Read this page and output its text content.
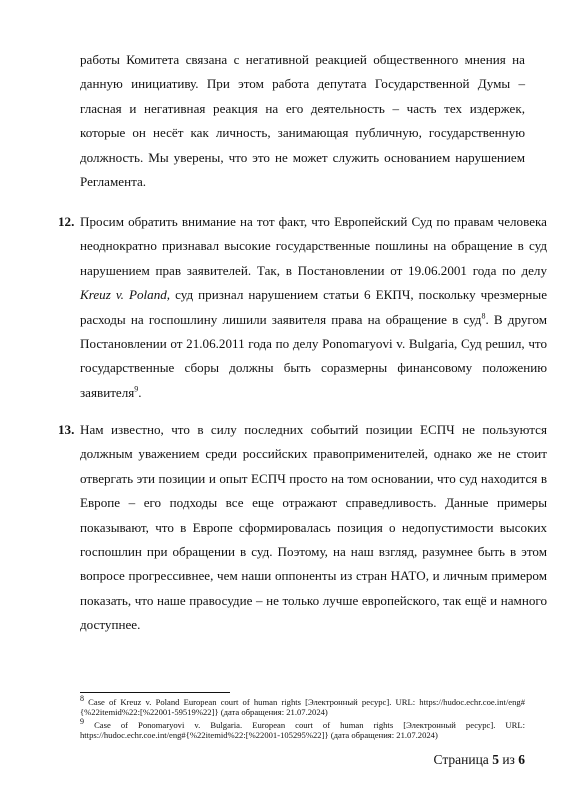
работы Комитета связана с негативной реакцией общественного мнения на данную инициативу. При этом работа депутата Государственной Думы – гласная и негативная реакция на его деятельность – часть тех издержек, которые он несёт как личность, занимающая публичную, государственную должность. Мы уверены, что это не может служить основанием нарушением Регламента.

12. Просим обратить внимание на тот факт, что Европейский Суд по правам человека неоднократно признавал высокие государственные пошлины на обращение в суд нарушением прав заявителей. Так, в Постановлении от 19.06.2001 года по делу Kreuz v. Poland, суд признал нарушением статьи 6 ЕКПЧ, поскольку чрезмерные расходы на госпошлину лишили заявителя права на обращение в суд$^8$. В другом Постановлении от 21.06.2011 года по делу Ponomaryovi v. Bulgaria, Суд решил, что государственные сборы должны быть соразмерны финансовому положению заявителя$^9$.

13. Нам известно, что в силу последних событий позиции ЕСПЧ не пользуются должным уважением среди российских правоприменителей, однако же не стоит отвергать эти позиции и опыт ЕСПЧ просто на том основании, что суд находится в Европе – его подходы все еще отражают справедливость. Данные примеры показывают, что в Европе сформировалась позиция о недопустимости высоких госпошлин при обращении в суд. Поэтому, на наш взгляд, разумнее быть в этом вопросе прогрессивнее, чем наши оппоненты из стран НАТО, и личным примером показать, что наше правосудие – не только лучше европейского, так ещё и намного доступнее.

$^8$ Case of Kreuz v. Poland European court of human rights [Электронный ресурс]. URL: https://hudoc.echr.coe.int/eng#{%22itemid%22:[%22001-59519%22]} (дата обращения: 21.07.2024)

$^9$ Case of Ponomaryovi v. Bulgaria. European court of human rights [Электронный ресурс]. URL: https://hudoc.echr.coe.int/eng#{%22itemid%22:[%22001-105295%22]} (дата обращения: 21.07.2024)

Страница 5 из 6
